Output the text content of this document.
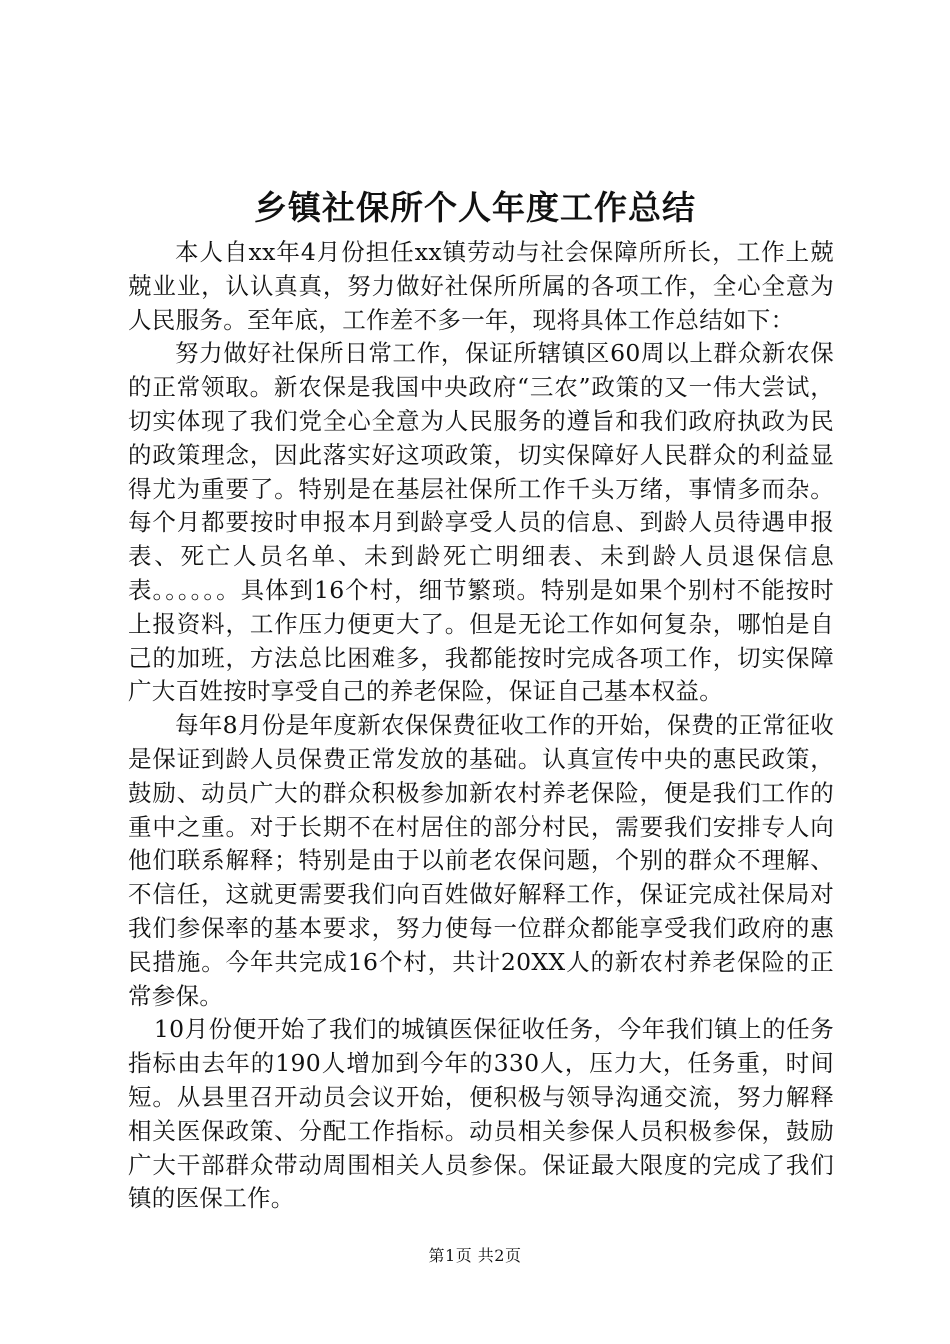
乡镇社保所个人年度工作总结

本人自xx年4月份担任xx镇劳动与社会保障所所长，工作上兢兢业业，认认真真，努力做好社保所所属的各项工作，全心全意为人民服务。至年底，工作差不多一年，现将具体工作总结如下：

努力做好社保所日常工作，保证所辖镇区60周以上群众新农保的正常领取。新农保是我国中央政府“三农”政策的又一伟大尝试，切实体现了我们党全心全意为人民服务的遵旨和我们政府执政为民的政策理念，因此落实好这项政策，切实保障好人民群众的利益显得尤为重要了。特别是在基层社保所工作千头万绪，事情多而杂。每个月都要按时申报本月到龄享受人员的信息、到龄人员待遇申报表、死亡人员名单、未到龄死亡明细表、未到龄人员退保信息表。。。。。。具体到16个村，细节繁琐。特别是如果个别村不能按时上报资料，工作压力便更大了。但是无论工作如何复杂，哪怕是自己的加班，方法总比困难多，我都能按时完成各项工作，切实保障广大百姓按时享受自己的养老保险，保证自己基本权益。

每年8月份是年度新农保保费征收工作的开始，保费的正常征收是保证到龄人员保费正常发放的基础。认真宣传中央的惠民政策，鼓励、动员广大的群众积极参加新农村养老保险，便是我们工作的重中之重。对于长期不在村居住的部分村民，需要我们安排专人向他们联系解释；特别是由于以前老农保问题，个别的群众不理解、不信任，这就更需要我们向百姓做好解释工作，保证完成社保局对我们参保率的基本要求，努力使每一位群众都能享受我们政府的惠民措施。今年共完成16个村，共计20XX人的新农村养老保险的正常参保。

10月份便开始了我们的城镇医保征收任务，今年我们镇上的任务指标由去年的190人增加到今年的330人，压力大，任务重，时间短。从县里召开动员会议开始，便积极与领导沟通交流，努力解释相关医保政策、分配工作指标。动员相关参保人员积极参保，鼓励广大干部群众带动周围相关人员参保。保证最大限度的完成了我们镇的医保工作。

第1页 共2页
